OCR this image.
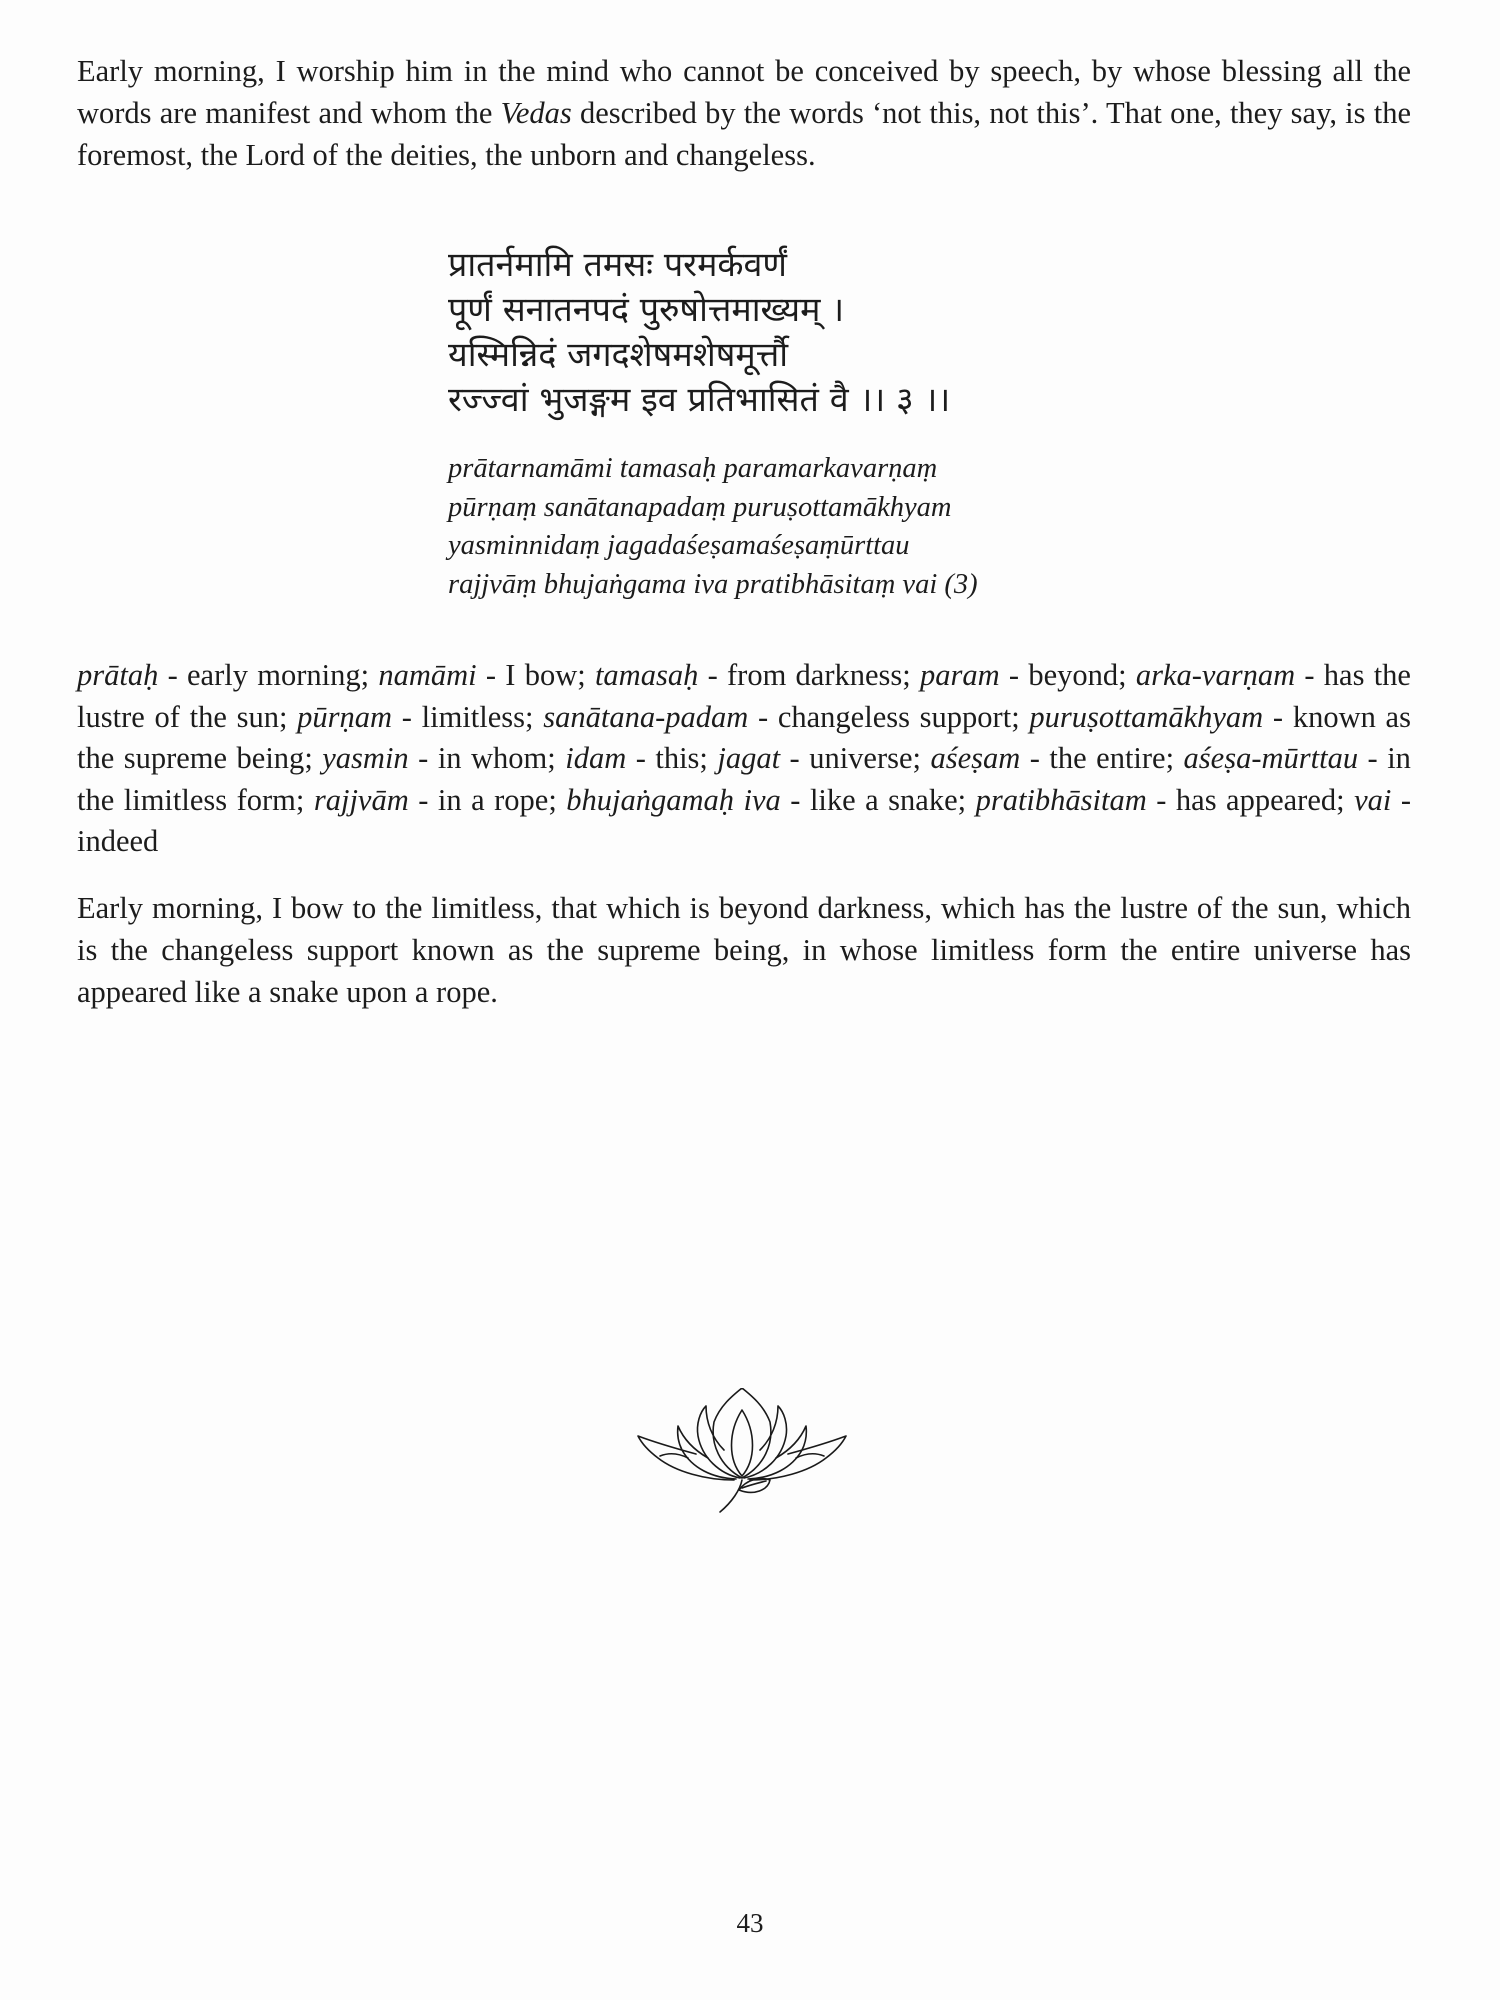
Early morning, I worship him in the mind who cannot be conceived by speech, by whose blessing all the words are manifest and whom the Vedas described by the words ‘not this, not this’. That one, they say, is the foremost, the Lord of the deities, the unborn and changeless.

प्रातर्नमामि तमसः परमर्कवर्णं
पूर्णं सनातनपदं पुरुषोत्तमाख्यम् ।
यस्मिन्निदं जगदशेषमशेषमूर्त्तौ
रज्ज्वां भुजङ्गम इव प्रतिभासितं वै ।। ३ ।।
prātarnamāmi tamasaḥ paramarkavarṇaṃ
pūrṇaṃ sanātanapadaṃ puruṣottamākhyam
yasminnidaṃ jagadaśeṣamaśeṣaṃūrttau
rajjvāṃ bhujaṅgama iva pratibhāsitaṃ vai (3)

prātaḥ - early morning; namāmi - I bow; tamasaḥ - from darkness; param - beyond; arka-varṇam - has the lustre of the sun; pūrṇam - limitless; sanātana-padam - changeless support; puruṣottamākhyam - known as the supreme being; yasmin - in whom; idam - this; jagat - universe; aśeṣam - the entire; aśeṣa-mūrttau - in the limitless form; rajjvām - in a rope; bhujaṅgamaḥ iva - like a snake; pratibhāsitam - has appeared; vai - indeed

Early morning, I bow to the limitless, that which is beyond darkness, which has the lustre of the sun, which is the changeless support known as the supreme being, in whose limitless form the entire universe has appeared like a snake upon a rope.

43
